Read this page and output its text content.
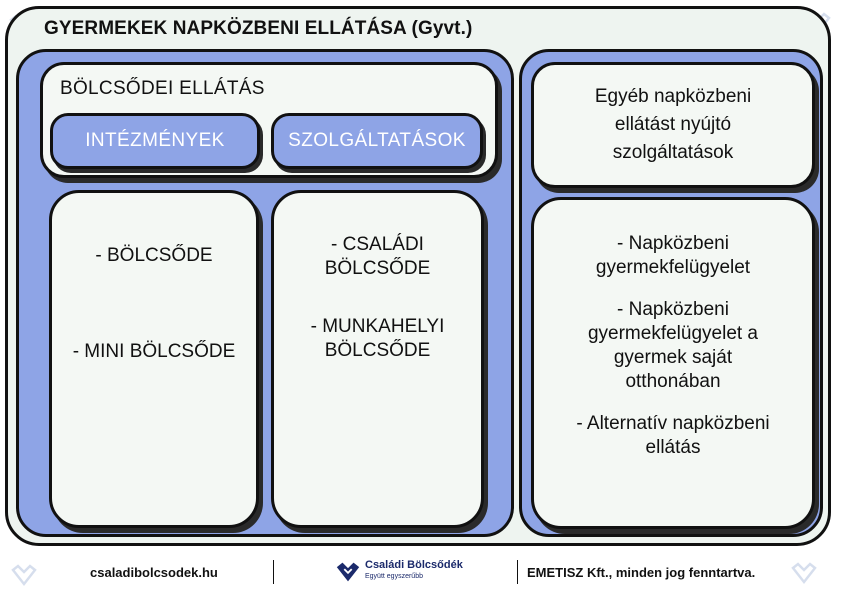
GYERMEKEK NAPKÖZBENI ELLÁTÁSA (Gyvt.)
BÖLCSŐDEI ELLÁTÁS
INTÉZMÉNYEK	SZOLGÁLTATÁSOK
- BÖLCSŐDE
- MINI BÖLCSŐDE
- CSALÁDI BÖLCSŐDE
- MUNKAHELYI BÖLCSŐDE
Egyéb napközbeni ellátást nyújtó szolgáltatások
- Napközbeni gyermekfelügyelet
- Napközbeni gyermekfelügyelet a gyermek saját otthonában
- Alternatív napközbeni ellátás
csaladibolcsodek.hu	Családi Bölcsődék
Együtt egyszerűbb	EMETISZ Kft., minden jog fenntartva.
